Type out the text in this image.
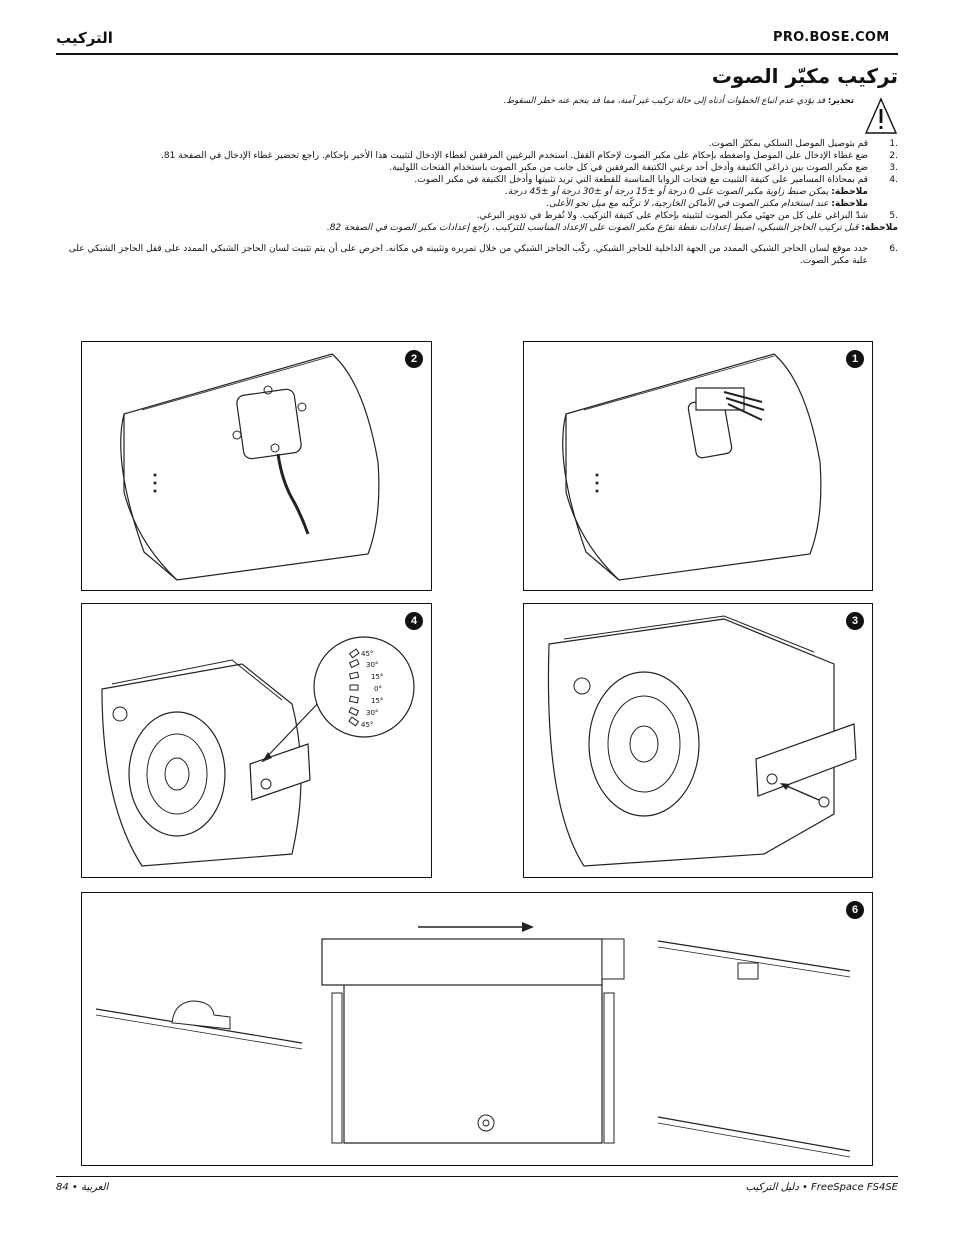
PRO.BOSE.COM
التركيب
تركيب مكبّر الصوت
تحذير: قد يؤدي عدم اتباع الخطوات أدناه إلى حالة تركيب غير آمنة، مما قد ينجم عنه خطر السقوط.
1.
قم بتوصيل الموصل السلكي بمكبّر الصوت.
2.
ضع غطاء الإدخال على الموصل واضغطه بإحكام على مكبر الصوت لإحكام القفل. استخدم البرغيين المرفقين لغطاء الإدخال لتثبيت هذا الأخير بإحكام. راجع تحضير غطاء الإدخال في الصفحة 81.
3.
ضع مكبر الصوت بين ذراعَي الكتيفة وأدخل أحد برغيي الكتيفة المرفقين في كل جانب من مكبر الصوت باستخدام الفتحات اللولبية.
4.
قم بمحاذاة المسامير على كتيفة التثبيت مع فتحات الزوايا المناسبة للقطعة التي تريد تثبيتها وأدخل الكتيفة في مكبر الصوت.
ملاحظة: يمكن ضبط زاوية مكبر الصوت على 0 درجة أو ±15 درجة أو ±30 درجة أو ±45 درجة.
ملاحظة: عند استخدام مكبر الصوت في الأماكن الخارجية، لا تركّبه مع ميل نحو الأعلى.
5.
شدّ البراغي على كل من جهتَي مكبر الصوت لتثبيته بإحكام على كتيفة التركيب. ولا تُفرط في تدوير البرغي.
ملاحظة: قبل تركيب الحاجز الشبكي، اضبط إعدادات نقطة تفرّع مكبر الصوت على الإعداد المناسب للتركيب. راجع إعدادات مكبر الصوت في الصفحة 82.
6.
حدد موقع لسان الحاجز الشبكي الممدد من الجهة الداخلية للحاجز الشبكي. ركّب الحاجز الشبكي من خلال تمريره وتثبيته في مكانه. احرص على أن يتم تثبيت لسان الحاجز الشبكي الممدد على قفل الحاجز الشبكي على علبة مكبر الصوت.
2	1
45°
30°
15°
0°
15°
30°
45°
4	3
6
84 • العربية	FreeSpace FS4SE • دليل التركيب
